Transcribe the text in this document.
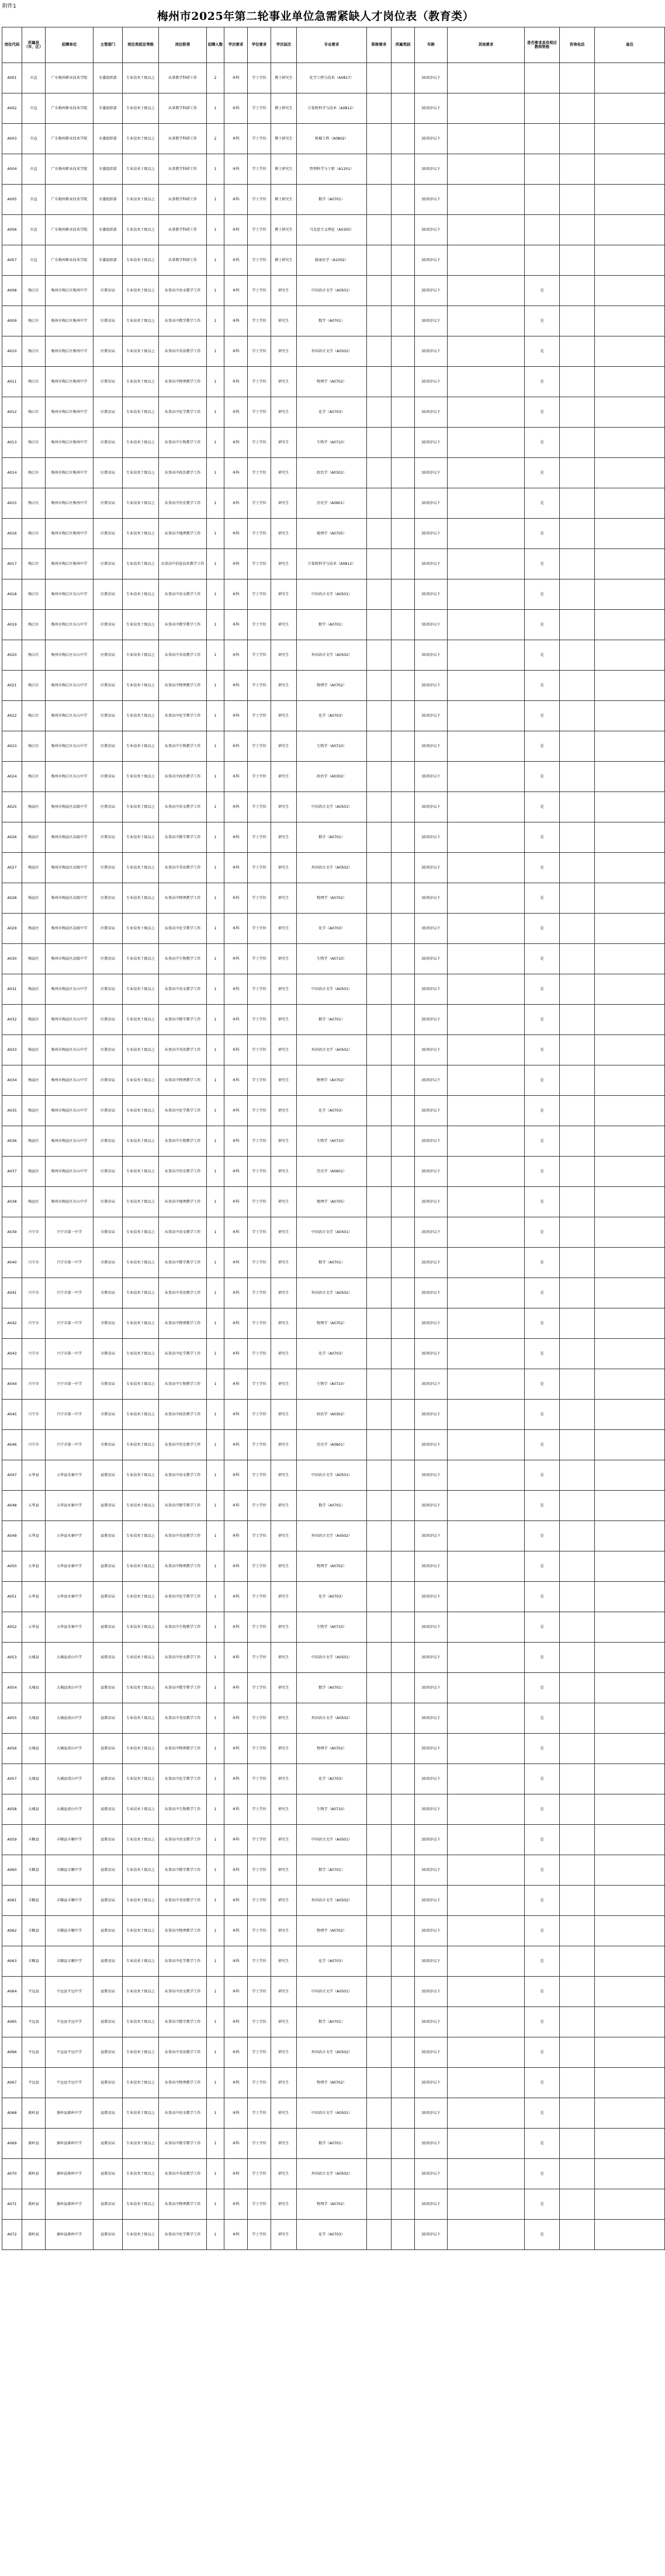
附件1
梅州市2025年第二轮事业单位急需紧缺人才岗位表（教育类）
岗位代码	所属县（市、区）	招聘单位	主管部门	岗位类别及等级	岗位职责	招聘人数	学历要求	学位要求	学历层次	专业要求	职称要求	所属类别	年龄	其他要求	是否要求具有相应教师资格	咨询电话	备注
A001	市直	广东梅州职业技术学院	市委组织部	专业技术十级以上	从事教学科研工作	2	本科	学士学位	博士研究生	化学工程与技术（A0817）			35周岁以下				
A002	市直	广东梅州职业技术学院	市委组织部	专业技术十级以上	从事教学科研工作	1	本科	学士学位	博士研究生	计算机科学与技术（A0812）			35周岁以下				
A003	市直	广东梅州职业技术学院	市委组织部	专业技术十级以上	从事教学科研工作	2	本科	学士学位	博士研究生	机械工程（A0802）			35周岁以下				
A004	市直	广东梅州职业技术学院	市委组织部	专业技术十级以上	从事教学科研工作	1	本科	学士学位	博士研究生	管理科学与工程（A1201）			35周岁以下				
A005	市直	广东梅州职业技术学院	市委组织部	专业技术十级以上	从事教学科研工作	1	本科	学士学位	博士研究生	数学（A0701）			35周岁以下				
A006	市直	广东梅州职业技术学院	市委组织部	专业技术十级以上	从事教学科研工作	1	本科	学士学位	博士研究生	马克思主义理论（A0305）			35周岁以下				
A007	市直	广东梅州职业技术学院	市委组织部	专业技术十级以上	从事教学科研工作	1	本科	学士学位	博士研究生	临床医学（A1002）			35周岁以下				
A008	梅江区	梅州市梅江区梅州中学	区教育局	专业技术十级以上	从事高中语文教学工作	1	本科	学士学位	研究生	中国语言文学（A0501）			35周岁以下		是		
A009	梅江区	梅州市梅江区梅州中学	区教育局	专业技术十级以上	从事高中数学教学工作	1	本科	学士学位	研究生	数学（A0701）			35周岁以下		是		
A010	梅江区	梅州市梅江区梅州中学	区教育局	专业技术十级以上	从事高中英语教学工作	1	本科	学士学位	研究生	外国语言文学（A0502）			35周岁以下		是		
A011	梅江区	梅州市梅江区梅州中学	区教育局	专业技术十级以上	从事高中物理教学工作	1	本科	学士学位	研究生	物理学（A0702）			35周岁以下		是		
A012	梅江区	梅州市梅江区梅州中学	区教育局	专业技术十级以上	从事高中化学教学工作	1	本科	学士学位	研究生	化学（A0703）			35周岁以下		是		
A013	梅江区	梅州市梅江区梅州中学	区教育局	专业技术十级以上	从事高中生物教学工作	1	本科	学士学位	研究生	生物学（A0710）			35周岁以下		是		
A014	梅江区	梅州市梅江区梅州中学	区教育局	专业技术十级以上	从事高中政治教学工作	1	本科	学士学位	研究生	政治学（A0302）			35周岁以下		是		
A015	梅江区	梅州市梅江区梅州中学	区教育局	专业技术十级以上	从事高中历史教学工作	1	本科	学士学位	研究生	历史学（A0601）			35周岁以下		是		
A016	梅江区	梅州市梅江区梅州中学	区教育局	专业技术十级以上	从事高中地理教学工作	1	本科	学士学位	研究生	地理学（A0705）			35周岁以下		是		
A017	梅江区	梅州市梅江区梅州中学	区教育局	专业技术十级以上	从事高中信息技术教学工作	1	本科	学士学位	研究生	计算机科学与技术（A0812）			35周岁以下		是		
A018	梅江区	梅州市梅江区东山中学	区教育局	专业技术十级以上	从事高中语文教学工作	1	本科	学士学位	研究生	中国语言文学（A0501）			35周岁以下		是		
A019	梅江区	梅州市梅江区东山中学	区教育局	专业技术十级以上	从事高中数学教学工作	1	本科	学士学位	研究生	数学（A0701）			35周岁以下		是		
A020	梅江区	梅州市梅江区东山中学	区教育局	专业技术十级以上	从事高中英语教学工作	1	本科	学士学位	研究生	外国语言文学（A0502）			35周岁以下		是		
A021	梅江区	梅州市梅江区东山中学	区教育局	专业技术十级以上	从事高中物理教学工作	1	本科	学士学位	研究生	物理学（A0702）			35周岁以下		是		
A022	梅江区	梅州市梅江区东山中学	区教育局	专业技术十级以上	从事高中化学教学工作	1	本科	学士学位	研究生	化学（A0703）			35周岁以下		是		
A023	梅江区	梅州市梅江区东山中学	区教育局	专业技术十级以上	从事高中生物教学工作	1	本科	学士学位	研究生	生物学（A0710）			35周岁以下		是		
A024	梅江区	梅州市梅江区东山中学	区教育局	专业技术十级以上	从事高中政治教学工作	1	本科	学士学位	研究生	政治学（A0302）			35周岁以下		是		
A025	梅县区	梅州市梅县区高级中学	区教育局	专业技术十级以上	从事高中语文教学工作	1	本科	学士学位	研究生	中国语言文学（A0501）			35周岁以下		是		
A026	梅县区	梅州市梅县区高级中学	区教育局	专业技术十级以上	从事高中数学教学工作	1	本科	学士学位	研究生	数学（A0701）			35周岁以下		是		
A027	梅县区	梅州市梅县区高级中学	区教育局	专业技术十级以上	从事高中英语教学工作	1	本科	学士学位	研究生	外国语言文学（A0502）			35周岁以下		是		
A028	梅县区	梅州市梅县区高级中学	区教育局	专业技术十级以上	从事高中物理教学工作	1	本科	学士学位	研究生	物理学（A0702）			35周岁以下		是		
A029	梅县区	梅州市梅县区高级中学	区教育局	专业技术十级以上	从事高中化学教学工作	1	本科	学士学位	研究生	化学（A0703）			35周岁以下		是		
A030	梅县区	梅州市梅县区高级中学	区教育局	专业技术十级以上	从事高中生物教学工作	1	本科	学士学位	研究生	生物学（A0710）			35周岁以下		是		
A031	梅县区	梅州市梅县区东山中学	区教育局	专业技术十级以上	从事高中语文教学工作	1	本科	学士学位	研究生	中国语言文学（A0501）			35周岁以下		是		
A032	梅县区	梅州市梅县区东山中学	区教育局	专业技术十级以上	从事高中数学教学工作	1	本科	学士学位	研究生	数学（A0701）			35周岁以下		是		
A033	梅县区	梅州市梅县区东山中学	区教育局	专业技术十级以上	从事高中英语教学工作	1	本科	学士学位	研究生	外国语言文学（A0502）			35周岁以下		是		
A034	梅县区	梅州市梅县区东山中学	区教育局	专业技术十级以上	从事高中物理教学工作	1	本科	学士学位	研究生	物理学（A0702）			35周岁以下		是		
A035	梅县区	梅州市梅县区东山中学	区教育局	专业技术十级以上	从事高中化学教学工作	1	本科	学士学位	研究生	化学（A0703）			35周岁以下		是		
A036	梅县区	梅州市梅县区东山中学	区教育局	专业技术十级以上	从事高中生物教学工作	1	本科	学士学位	研究生	生物学（A0710）			35周岁以下		是		
A037	梅县区	梅州市梅县区东山中学	区教育局	专业技术十级以上	从事高中历史教学工作	1	本科	学士学位	研究生	历史学（A0601）			35周岁以下		是		
A038	梅县区	梅州市梅县区东山中学	区教育局	专业技术十级以上	从事高中地理教学工作	1	本科	学士学位	研究生	地理学（A0705）			35周岁以下		是		
A039	兴宁市	兴宁市第一中学	市教育局	专业技术十级以上	从事高中语文教学工作	1	本科	学士学位	研究生	中国语言文学（A0501）			35周岁以下		是		
A040	兴宁市	兴宁市第一中学	市教育局	专业技术十级以上	从事高中数学教学工作	1	本科	学士学位	研究生	数学（A0701）			35周岁以下		是		
A041	兴宁市	兴宁市第一中学	市教育局	专业技术十级以上	从事高中英语教学工作	1	本科	学士学位	研究生	外国语言文学（A0502）			35周岁以下		是		
A042	兴宁市	兴宁市第一中学	市教育局	专业技术十级以上	从事高中物理教学工作	1	本科	学士学位	研究生	物理学（A0702）			35周岁以下		是		
A043	兴宁市	兴宁市第一中学	市教育局	专业技术十级以上	从事高中化学教学工作	1	本科	学士学位	研究生	化学（A0703）			35周岁以下		是		
A044	兴宁市	兴宁市第一中学	市教育局	专业技术十级以上	从事高中生物教学工作	1	本科	学士学位	研究生	生物学（A0710）			35周岁以下		是		
A045	兴宁市	兴宁市第一中学	市教育局	专业技术十级以上	从事高中政治教学工作	1	本科	学士学位	研究生	政治学（A0302）			35周岁以下		是		
A046	兴宁市	兴宁市第一中学	市教育局	专业技术十级以上	从事高中历史教学工作	1	本科	学士学位	研究生	历史学（A0601）			35周岁以下		是		
A047	五华县	五华县水寨中学	县教育局	专业技术十级以上	从事高中语文教学工作	1	本科	学士学位	研究生	中国语言文学（A0501）			35周岁以下		是		
A048	五华县	五华县水寨中学	县教育局	专业技术十级以上	从事高中数学教学工作	1	本科	学士学位	研究生	数学（A0701）			35周岁以下		是		
A049	五华县	五华县水寨中学	县教育局	专业技术十级以上	从事高中英语教学工作	1	本科	学士学位	研究生	外国语言文学（A0502）			35周岁以下		是		
A050	五华县	五华县水寨中学	县教育局	专业技术十级以上	从事高中物理教学工作	1	本科	学士学位	研究生	物理学（A0702）			35周岁以下		是		
A051	五华县	五华县水寨中学	县教育局	专业技术十级以上	从事高中化学教学工作	1	本科	学士学位	研究生	化学（A0703）			35周岁以下		是		
A052	五华县	五华县水寨中学	县教育局	专业技术十级以上	从事高中生物教学工作	1	本科	学士学位	研究生	生物学（A0710）			35周岁以下		是		
A053	大埔县	大埔县虎山中学	县教育局	专业技术十级以上	从事高中语文教学工作	1	本科	学士学位	研究生	中国语言文学（A0501）			35周岁以下		是		
A054	大埔县	大埔县虎山中学	县教育局	专业技术十级以上	从事高中数学教学工作	1	本科	学士学位	研究生	数学（A0701）			35周岁以下		是		
A055	大埔县	大埔县虎山中学	县教育局	专业技术十级以上	从事高中英语教学工作	1	本科	学士学位	研究生	外国语言文学（A0502）			35周岁以下		是		
A056	大埔县	大埔县虎山中学	县教育局	专业技术十级以上	从事高中物理教学工作	1	本科	学士学位	研究生	物理学（A0702）			35周岁以下		是		
A057	大埔县	大埔县虎山中学	县教育局	专业技术十级以上	从事高中化学教学工作	1	本科	学士学位	研究生	化学（A0703）			35周岁以下		是		
A058	大埔县	大埔县虎山中学	县教育局	专业技术十级以上	从事高中生物教学工作	1	本科	学士学位	研究生	生物学（A0710）			35周岁以下		是		
A059	丰顺县	丰顺县丰顺中学	县教育局	专业技术十级以上	从事高中语文教学工作	1	本科	学士学位	研究生	中国语言文学（A0501）			35周岁以下		是		
A060	丰顺县	丰顺县丰顺中学	县教育局	专业技术十级以上	从事高中数学教学工作	1	本科	学士学位	研究生	数学（A0701）			35周岁以下		是		
A061	丰顺县	丰顺县丰顺中学	县教育局	专业技术十级以上	从事高中英语教学工作	1	本科	学士学位	研究生	外国语言文学（A0502）			35周岁以下		是		
A062	丰顺县	丰顺县丰顺中学	县教育局	专业技术十级以上	从事高中物理教学工作	1	本科	学士学位	研究生	物理学（A0702）			35周岁以下		是		
A063	丰顺县	丰顺县丰顺中学	县教育局	专业技术十级以上	从事高中化学教学工作	1	本科	学士学位	研究生	化学（A0703）			35周岁以下		是		
A064	平远县	平远县平远中学	县教育局	专业技术十级以上	从事高中语文教学工作	1	本科	学士学位	研究生	中国语言文学（A0501）			35周岁以下		是		
A065	平远县	平远县平远中学	县教育局	专业技术十级以上	从事高中数学教学工作	1	本科	学士学位	研究生	数学（A0701）			35周岁以下		是		
A066	平远县	平远县平远中学	县教育局	专业技术十级以上	从事高中英语教学工作	1	本科	学士学位	研究生	外国语言文学（A0502）			35周岁以下		是		
A067	平远县	平远县平远中学	县教育局	专业技术十级以上	从事高中物理教学工作	1	本科	学士学位	研究生	物理学（A0702）			35周岁以下		是		
A068	蕉岭县	蕉岭县蕉岭中学	县教育局	专业技术十级以上	从事高中语文教学工作	1	本科	学士学位	研究生	中国语言文学（A0501）			35周岁以下		是		
A069	蕉岭县	蕉岭县蕉岭中学	县教育局	专业技术十级以上	从事高中数学教学工作	1	本科	学士学位	研究生	数学（A0701）			35周岁以下		是		
A070	蕉岭县	蕉岭县蕉岭中学	县教育局	专业技术十级以上	从事高中英语教学工作	1	本科	学士学位	研究生	外国语言文学（A0502）			35周岁以下		是		
A071	蕉岭县	蕉岭县蕉岭中学	县教育局	专业技术十级以上	从事高中物理教学工作	1	本科	学士学位	研究生	物理学（A0702）			35周岁以下		是		
A072	蕉岭县	蕉岭县蕉岭中学	县教育局	专业技术十级以上	从事高中化学教学工作	1	本科	学士学位	研究生	化学（A0703）			35周岁以下		是		
